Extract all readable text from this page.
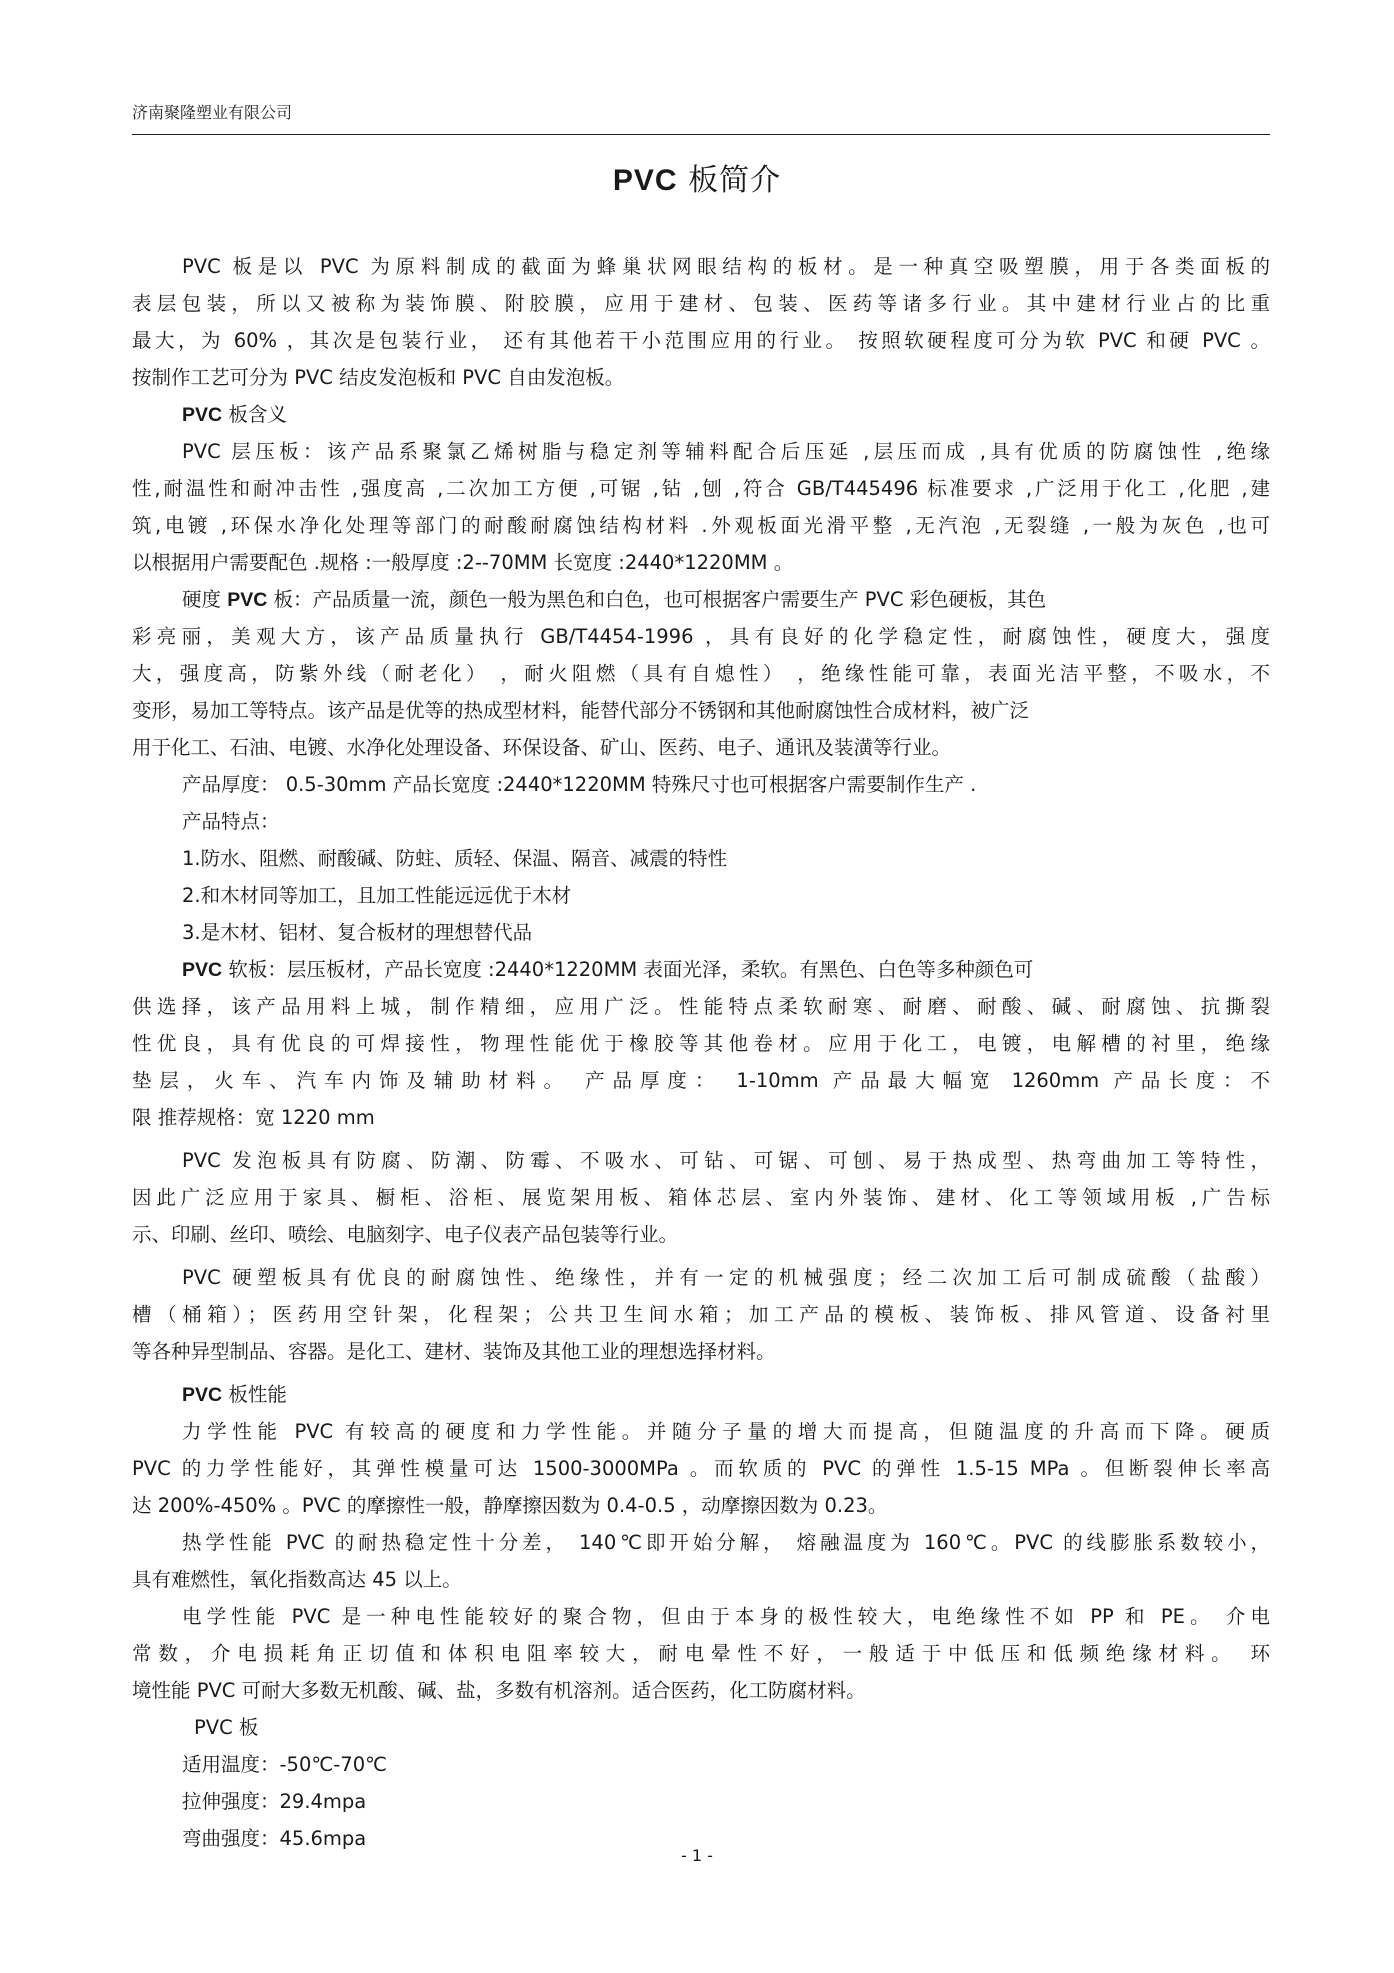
济南聚隆塑业有限公司
PVC 板简介
PVC 板是以 PVC 为原料制成的截面为蜂巢状网眼结构的板材。是一种真空吸塑膜，用于各类面板的
表层包装，所以又被称为装饰膜、附胶膜，应用于建材、包装、医药等诸多行业。其中建材行业占的比重
最大，为 60% ，其次是包装行业， 还有其他若干小范围应用的行业。 按照软硬程度可分为软 PVC 和硬 PVC 。
按制作工艺可分为 PVC 结皮发泡板和 PVC 自由发泡板。
PVC 板含义
PVC 层压板：该产品系聚氯乙烯树脂与稳定剂等辅料配合后压延 ,层压而成 ,具有优质的防腐蚀性 ,绝缘
性,耐温性和耐冲击性 ,强度高 ,二次加工方便 ,可锯 ,钻 ,刨 ,符合 GB/T445496 标准要求 ,广泛用于化工 ,化肥 ,建
筑,电镀 ,环保水净化处理等部门的耐酸耐腐蚀结构材料 .外观板面光滑平整 ,无汽泡 ,无裂缝 ,一般为灰色 ,也可
以根据用户需要配色 .规格 :一般厚度 :2--70MM 长宽度 :2440*1220MM 。
硬度 PVC 板：产品质量一流，颜色一般为黑色和白色，也可根据客户需要生产 PVC 彩色硬板，其色
彩亮丽，美观大方，该产品质量执行 GB/T4454-1996 ，具有良好的化学稳定性，耐腐蚀性，硬度大，强度
大，强度高，防紫外线（耐老化） ，耐火阻燃（具有自熄性） ，绝缘性能可靠，表面光洁平整，不吸水，不
变形，易加工等特点。该产品是优等的热成型材料，能替代部分不锈钢和其他耐腐蚀性合成材料，被广泛
用于化工、石油、电镀、水净化处理设备、环保设备、矿山、医药、电子、通讯及装潢等行业。
产品厚度： 0.5-30mm 产品长宽度 :2440*1220MM 特殊尺寸也可根据客户需要制作生产 .
产品特点：
1.防水、阻燃、耐酸碱、防蛀、质轻、保温、隔音、减震的特性
2.和木材同等加工，且加工性能远远优于木材
3.是木材、铝材、复合板材的理想替代品
PVC 软板：层压板材，产品长宽度 :2440*1220MM 表面光泽，柔软。有黑色、白色等多种颜色可
供选择，该产品用料上城，制作精细，应用广泛。性能特点柔软耐寒、耐磨、耐酸、碱、耐腐蚀、抗撕裂
性优良，具有优良的可焊接性，物理性能优于橡胶等其他卷材。应用于化工，电镀，电解槽的衬里，绝缘
垫层，火车、汽车内饰及辅助材料。 产品厚度： 1-10mm 产品最大幅宽 1260mm 产品长度：不
限 推荐规格：宽 1220 mm
PVC 发泡板具有防腐、防潮、防霉、不吸水、可钻、可锯、可刨、易于热成型、热弯曲加工等特性，
因此广泛应用于家具、橱柜、浴柜、展览架用板、箱体芯层、室内外装饰、建材、化工等领域用板 ,广告标
示、印刷、丝印、喷绘、电脑刻字、电子仪表产品包装等行业。
PVC 硬塑板具有优良的耐腐蚀性、绝缘性，并有一定的机械强度；经二次加工后可制成硫酸（盐酸）
槽（桶箱）；医药用空针架，化程架；公共卫生间水箱；加工产品的模板、装饰板、排风管道、设备衬里
等各种异型制品、容器。是化工、建材、装饰及其他工业的理想选择材料。
PVC 板性能
力学性能 PVC 有较高的硬度和力学性能。并随分子量的增大而提高，但随温度的升高而下降。硬质
PVC 的力学性能好，其弹性模量可达 1500-3000MPa 。而软质的 PVC 的弹性 1.5-15 MPa 。但断裂伸长率高
达 200%-450% 。PVC 的摩擦性一般，静摩擦因数为 0.4-0.5 ，动摩擦因数为 0.23。
热学性能 PVC 的耐热稳定性十分差， 140℃即开始分解， 熔融温度为 160℃。PVC 的线膨胀系数较小，
具有难燃性，氧化指数高达 45 以上。
电学性能 PVC 是一种电性能较好的聚合物，但由于本身的极性较大，电绝缘性不如 PP 和 PE。 介电
常数，介电损耗角正切值和体积电阻率较大，耐电晕性不好，一般适于中低压和低频绝缘材料。 环
境性能 PVC 可耐大多数无机酸、碱、盐，多数有机溶剂。适合医药，化工防腐材料。
PVC 板
适用温度：-50℃-70℃
拉伸强度：29.4mpa
弯曲强度：45.6mpa
- 1 -
